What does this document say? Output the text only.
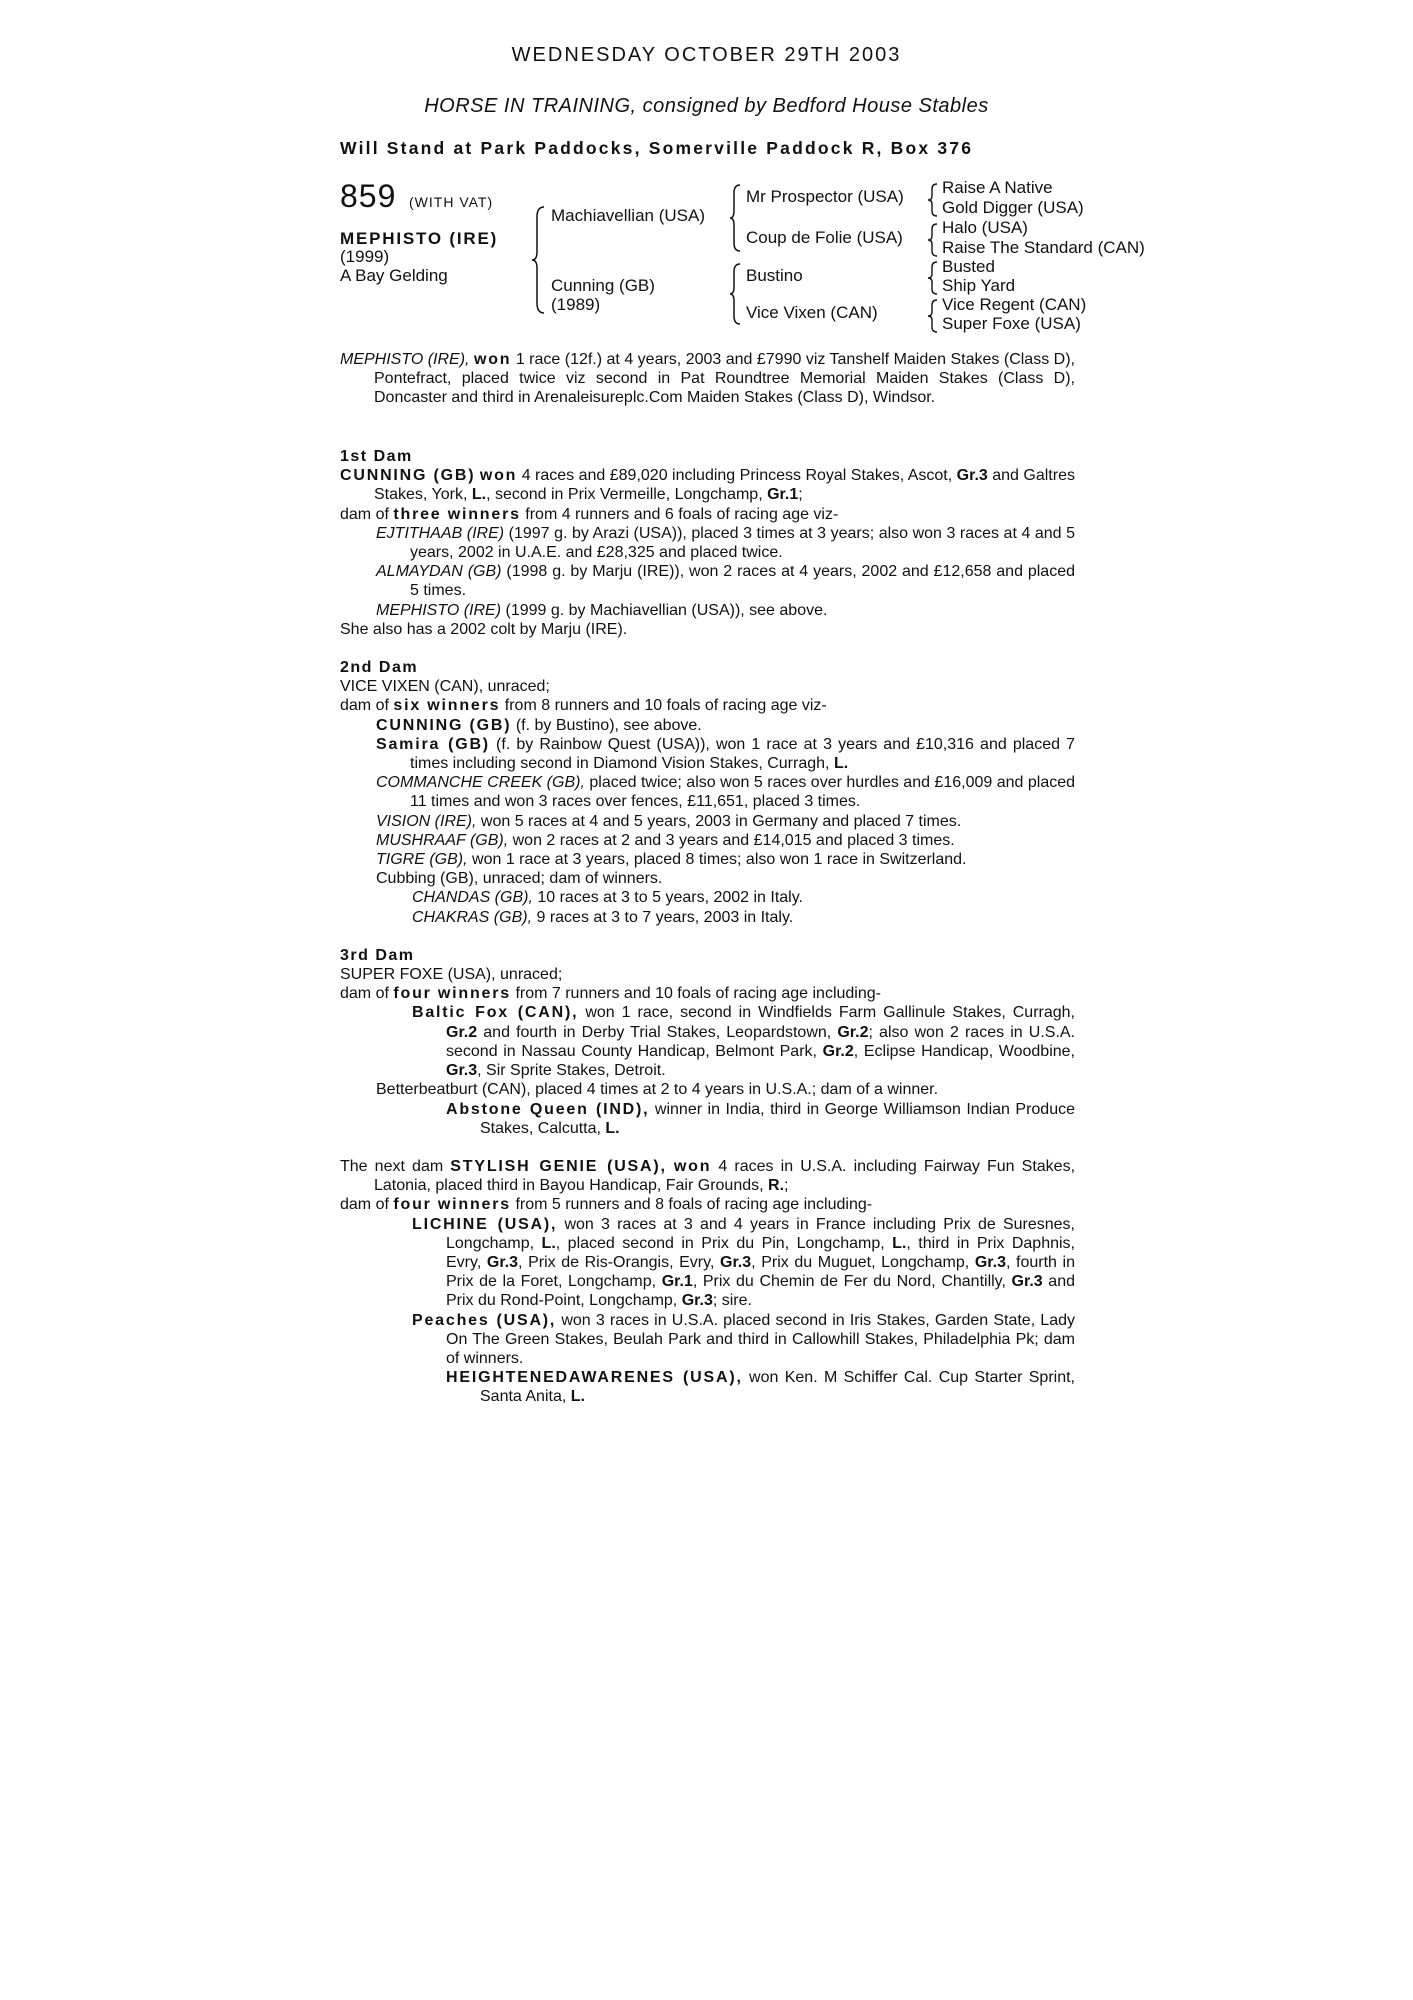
WEDNESDAY OCTOBER 29TH 2003
HORSE IN TRAINING, consigned by Bedford House Stables
Will Stand at Park Paddocks, Somerville Paddock R, Box 376
859 (WITH VAT)
MEPHISTO (IRE)
(1999)
A Bay Gelding
Machiavellian (USA)
Cunning (GB)
(1989)
Mr Prospector (USA)
Coup de Folie (USA)
Bustino
Vice Vixen (CAN)
Raise A Native
Gold Digger (USA)
Halo (USA)
Raise The Standard (CAN)
Busted
Ship Yard
Vice Regent (CAN)
Super Foxe (USA)

MEPHISTO (IRE), won 1 race (12f.) at 4 years, 2003 and £7990 viz Tanshelf Maiden Stakes (Class D), Pontefract, placed twice viz second in Pat Roundtree Memorial Maiden Stakes (Class D), Doncaster and third in Arenaleisureplc.Com Maiden Stakes (Class D), Windsor.

1st Dam

CUNNING (GB) won 4 races and £89,020 including Princess Royal Stakes, Ascot, Gr.3 and Galtres Stakes, York, L., second in Prix Vermeille, Longchamp, Gr.1;

dam of three winners from 4 runners and 6 foals of racing age viz-

EJTITHAAB (IRE) (1997 g. by Arazi (USA)), placed 3 times at 3 years; also won 3 races at 4 and 5 years, 2002 in U.A.E. and £28,325 and placed twice.

ALMAYDAN (GB) (1998 g. by Marju (IRE)), won 2 races at 4 years, 2002 and £12,658 and placed 5 times.

MEPHISTO (IRE) (1999 g. by Machiavellian (USA)), see above.

She also has a 2002 colt by Marju (IRE).

2nd Dam

VICE VIXEN (CAN), unraced;

dam of six winners from 8 runners and 10 foals of racing age viz-

CUNNING (GB) (f. by Bustino), see above.

Samira (GB) (f. by Rainbow Quest (USA)), won 1 race at 3 years and £10,316 and placed 7 times including second in Diamond Vision Stakes, Curragh, L.

COMMANCHE CREEK (GB), placed twice; also won 5 races over hurdles and £16,009 and placed 11 times and won 3 races over fences, £11,651, placed 3 times.

VISION (IRE), won 5 races at 4 and 5 years, 2003 in Germany and placed 7 times.

MUSHRAAF (GB), won 2 races at 2 and 3 years and £14,015 and placed 3 times.

TIGRE (GB), won 1 race at 3 years, placed 8 times; also won 1 race in Switzerland.

Cubbing (GB), unraced; dam of winners.

CHANDAS (GB), 10 races at 3 to 5 years, 2002 in Italy.

CHAKRAS (GB), 9 races at 3 to 7 years, 2003 in Italy.

3rd Dam

SUPER FOXE (USA), unraced;

dam of four winners from 7 runners and 10 foals of racing age including-

Baltic Fox (CAN), won 1 race, second in Windfields Farm Gallinule Stakes, Curragh, Gr.2 and fourth in Derby Trial Stakes, Leopardstown, Gr.2; also won 2 races in U.S.A. second in Nassau County Handicap, Belmont Park, Gr.2, Eclipse Handicap, Woodbine, Gr.3, Sir Sprite Stakes, Detroit.

Betterbeatburt (CAN), placed 4 times at 2 to 4 years in U.S.A.; dam of a winner.

Abstone Queen (IND), winner in India, third in George Williamson Indian Produce Stakes, Calcutta, L.

The next dam STYLISH GENIE (USA), won 4 races in U.S.A. including Fairway Fun Stakes, Latonia, placed third in Bayou Handicap, Fair Grounds, R.;

dam of four winners from 5 runners and 8 foals of racing age including-

LICHINE (USA), won 3 races at 3 and 4 years in France including Prix de Suresnes, Longchamp, L., placed second in Prix du Pin, Longchamp, L., third in Prix Daphnis, Evry, Gr.3, Prix de Ris-Orangis, Evry, Gr.3, Prix du Muguet, Longchamp, Gr.3, fourth in Prix de la Foret, Longchamp, Gr.1, Prix du Chemin de Fer du Nord, Chantilly, Gr.3 and Prix du Rond-Point, Longchamp, Gr.3; sire.

Peaches (USA), won 3 races in U.S.A. placed second in Iris Stakes, Garden State, Lady On The Green Stakes, Beulah Park and third in Callowhill Stakes, Philadelphia Pk; dam of winners.

HEIGHTENEDAWARENES (USA), won Ken. M Schiffer Cal. Cup Starter Sprint, Santa Anita, L.
